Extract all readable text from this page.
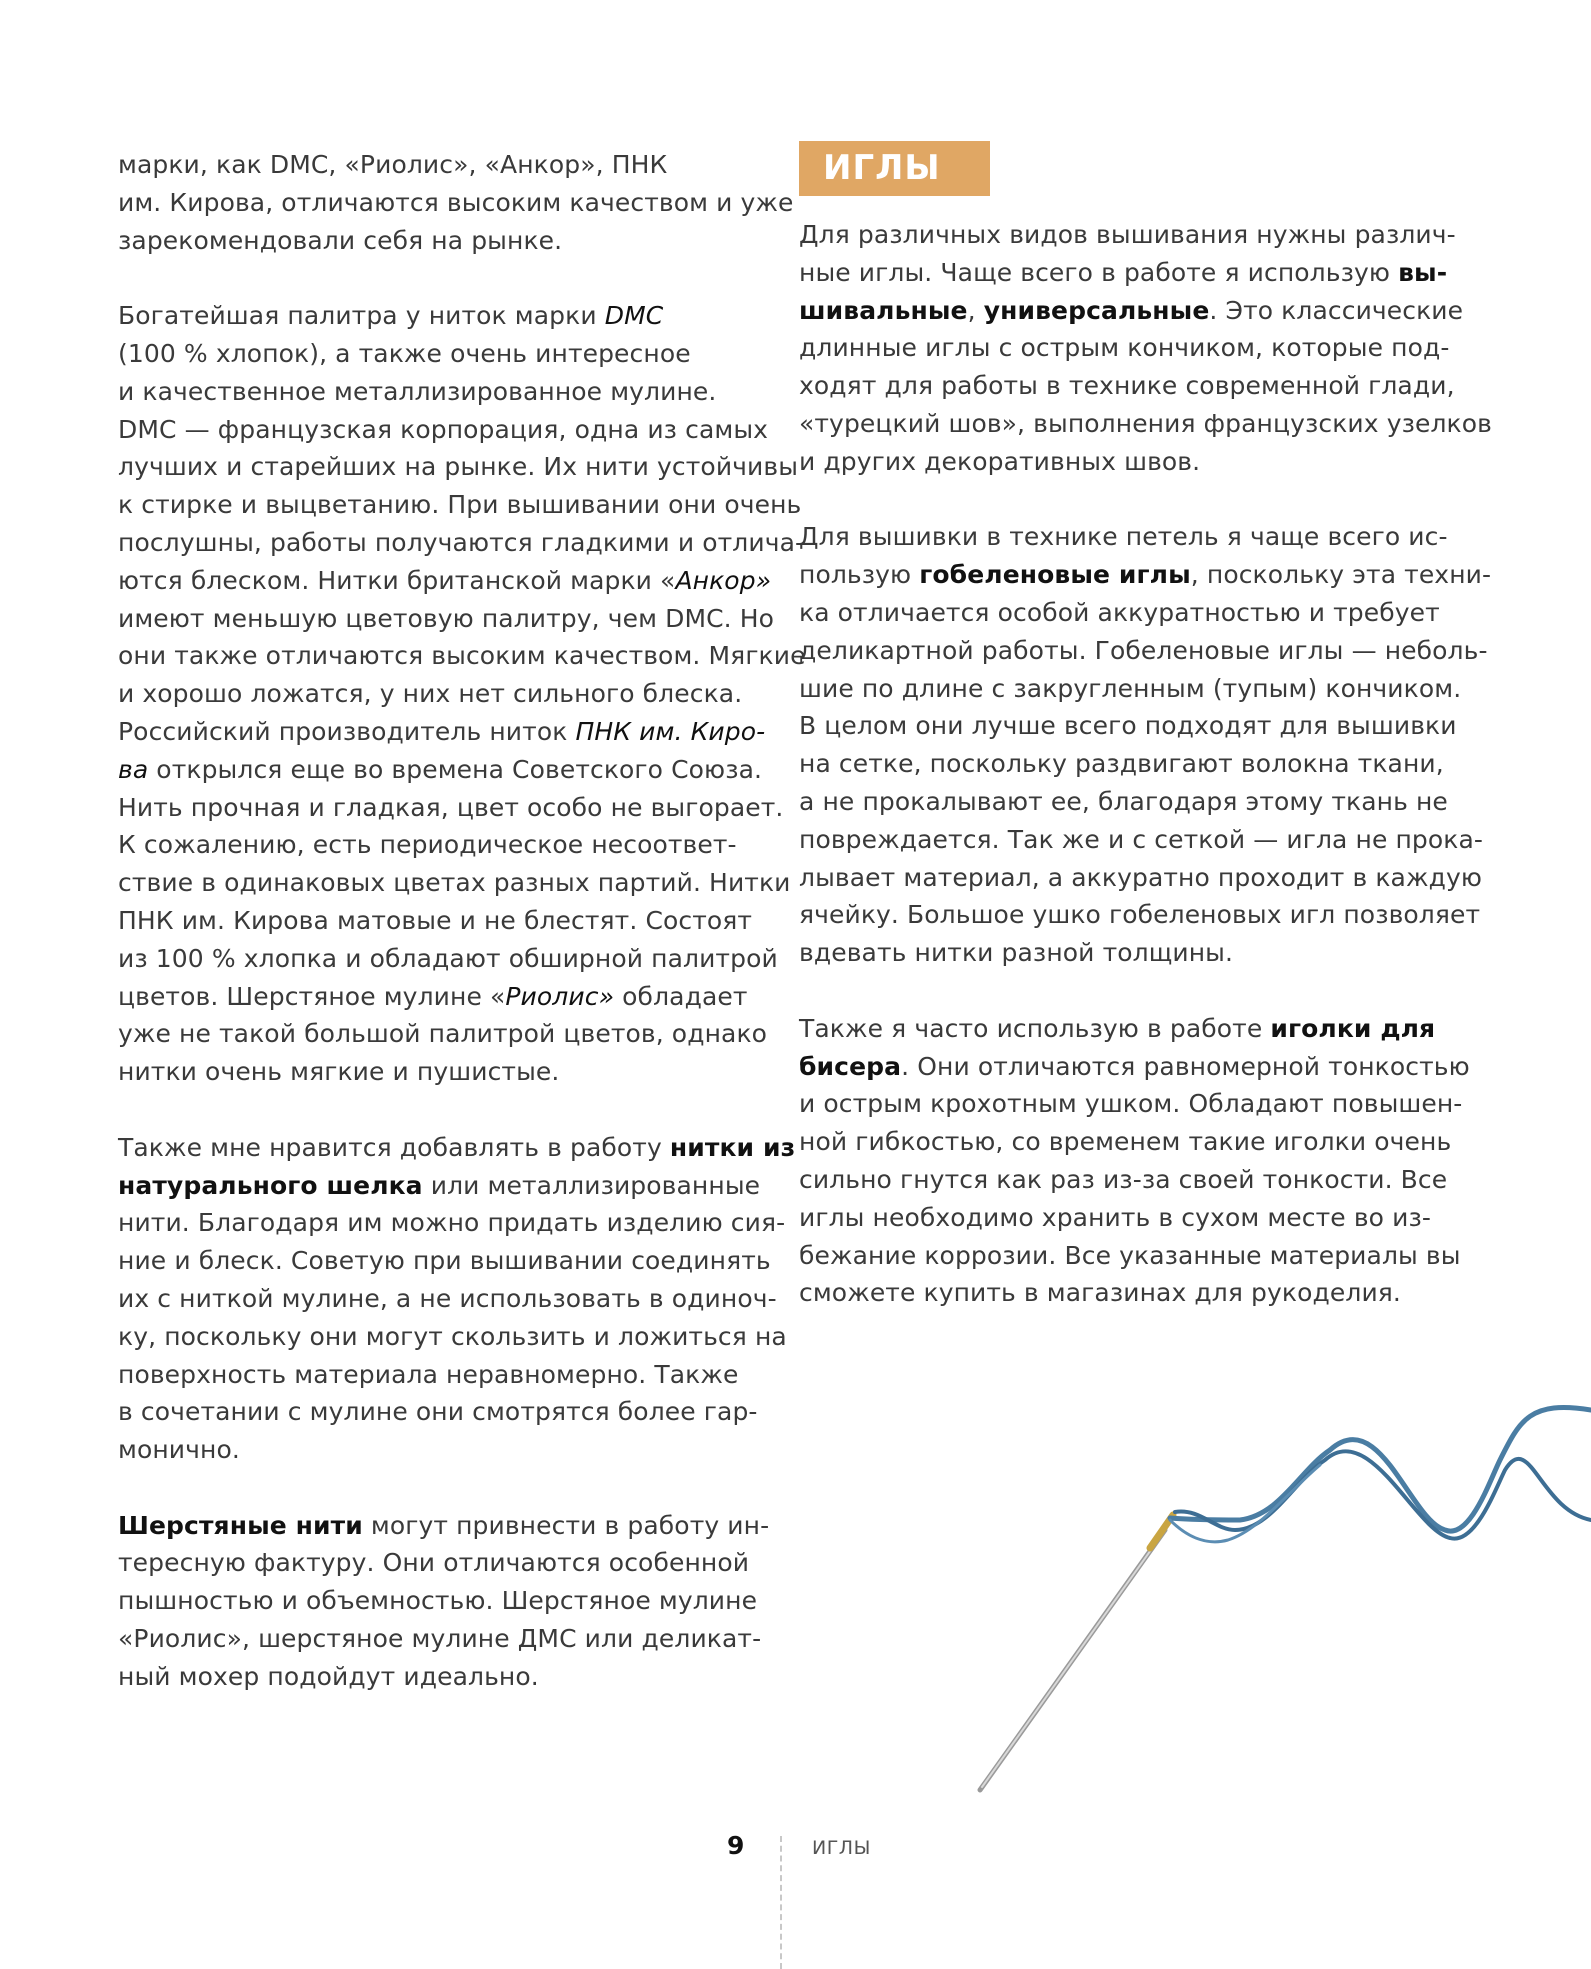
марки, как DMC, «Риолис», «Анкор», ПНК
им. Кирова, отличаются высоким качеством и уже
зарекомендовали себя на рынке.

Богатейшая палитра у ниток марки DMC
(100 % хлопок), а также очень интересное
и качественное металлизированное мулине.
DMC — французская корпорация, одна из самых
лучших и старейших на рынке. Их нити устойчивы
к стирке и выцветанию. При вышивании они очень
послушны, работы получаются гладкими и отлича-
ются блеском. Нитки британской марки «Анкор»
имеют меньшую цветовую палитру, чем DMC. Но
они также отличаются высоким качеством. Мягкие
и хорошо ложатся, у них нет сильного блеска.
Российский производитель ниток ПНК им. Киро-
ва открылся еще во времена Советского Союза.
Нить прочная и гладкая, цвет особо не выгорает.
К сожалению, есть периодическое несоответ-
ствие в одинаковых цветах разных партий. Нитки
ПНК им. Кирова матовые и не блестят. Состоят
из 100 % хлопка и обладают обширной палитрой
цветов. Шерстяное мулине «Риолис» обладает
уже не такой большой палитрой цветов, однако
нитки очень мягкие и пушистые.

Также мне нравится добавлять в работу нитки из
натурального шелка или металлизированные
нити. Благодаря им можно придать изделию сия-
ние и блеск. Советую при вышивании соединять
их с ниткой мулине, а не использовать в одиноч-
ку, поскольку они могут скользить и ложиться на
поверхность материала неравномерно. Также
в сочетании с мулине они смотрятся более гар-
монично.

Шерстяные нити могут привнести в работу ин-
тересную фактуру. Они отличаются особенной
пышностью и объемностью. Шерстяное мулине
«Риолис», шерстяное мулине ДМС или деликат-
ный мохер подойдут идеально.

ИГЛЫ

Для различных видов вышивания нужны различ-
ные иглы. Чаще всего в работе я использую вы-
шивальные, универсальные. Это классические
длинные иглы с острым кончиком, которые под-
ходят для работы в технике современной глади,
«турецкий шов», выполнения французских узелков
и других декоративных швов.

Для вышивки в технике петель я чаще всего ис-
пользую гобеленовые иглы, поскольку эта техни-
ка отличается особой аккуратностью и требует
деликартной работы. Гобеленовые иглы — неболь-
шие по длине с закругленным (тупым) кончиком.
В целом они лучше всего подходят для вышивки
на сетке, поскольку раздвигают волокна ткани,
а не прокалывают ее, благодаря этому ткань не
повреждается. Так же и с сеткой — игла не прока-
лывает материал, а аккуратно проходит в каждую
ячейку. Большое ушко гобеленовых игл позволяет
вдевать нитки разной толщины.

Также я часто использую в работе иголки для
бисера. Они отличаются равномерной тонкостью
и острым крохотным ушком. Обладают повышен-
ной гибкостью, со временем такие иголки очень
сильно гнутся как раз из-за своей тонкости. Все
иглы необходимо хранить в сухом месте во из-
бежание коррозии. Все указанные материалы вы
сможете купить в магазинах для рукоделия.

9	ИГЛЫ
